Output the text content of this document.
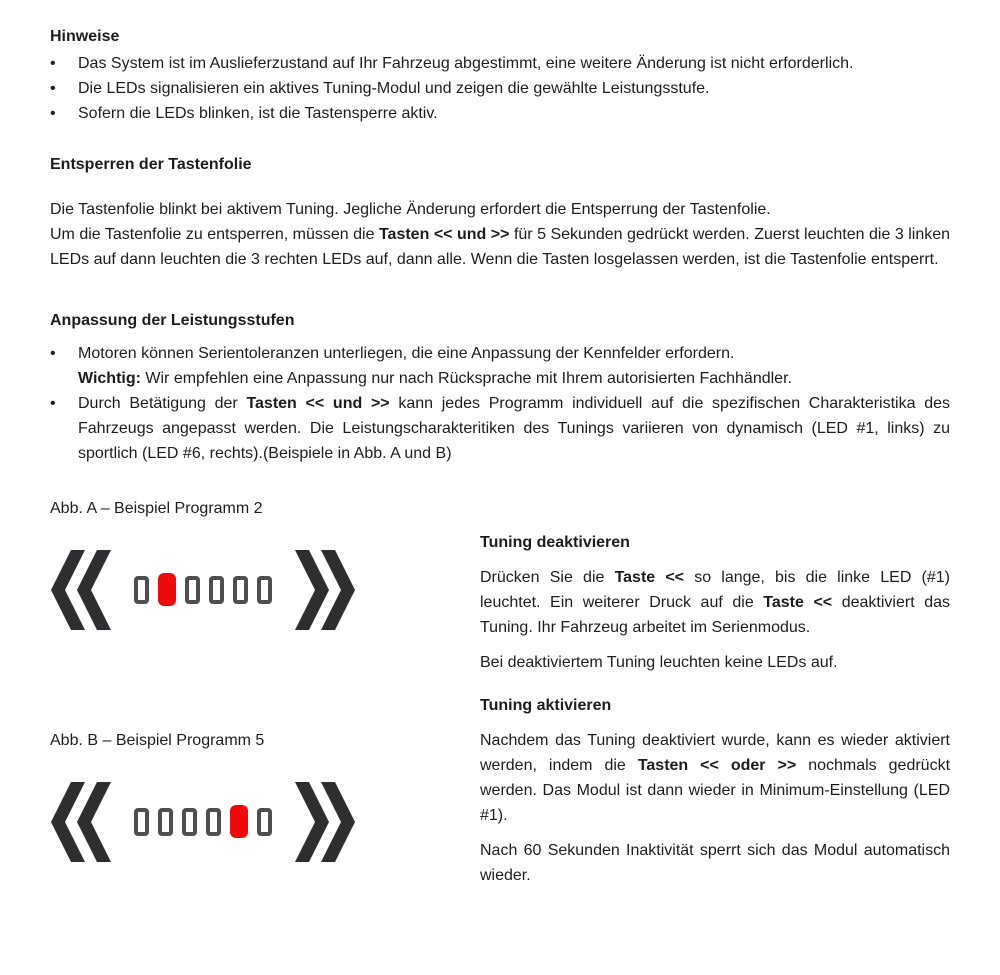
Hinweise
•	Das System ist im Auslieferzustand auf Ihr Fahrzeug abgestimmt, eine weitere Änderung ist nicht erforderlich.
•	Die LEDs signalisieren ein aktives Tuning-Modul und zeigen die gewählte Leistungsstufe.
•	Sofern die LEDs blinken, ist die Tastensperre aktiv.
Entsperren der Tastenfolie
Die Tastenfolie blinkt bei aktivem Tuning. Jegliche Änderung erfordert die Entsperrung der Tastenfolie.
Um die Tastenfolie zu entsperren, müssen die Tasten << und >> für 5 Sekunden gedrückt werden. Zuerst leuchten die 3 linken LEDs auf dann leuchten die 3 rechten LEDs auf, dann alle. Wenn die Tasten losgelassen werden, ist die Tastenfolie entsperrt.
Anpassung der Leistungsstufen
•	Motoren können Serientoleranzen unterliegen, die eine Anpassung der Kennfelder erfordern.
Wichtig: Wir empfehlen eine Anpassung nur nach Rücksprache mit Ihrem autorisierten Fachhändler.
•	Durch Betätigung der Tasten << und >> kann jedes Programm individuell auf die spezifischen Charakteristika des Fahrzeugs angepasst werden. Die Leistungscharakteritiken des Tunings variieren von dynamisch (LED #1, links) zu sportlich (LED #6, rechts).(Beispiele in Abb. A und B)
Abb. A – Beispiel Programm 2
Abb. B – Beispiel Programm 5
Tuning deaktivieren
Drücken Sie die Taste << so lange, bis die linke LED (#1) leuchtet. Ein weiterer Druck auf die Taste << deaktiviert das Tuning. Ihr Fahrzeug arbeitet im Serienmodus.
Bei deaktiviertem Tuning leuchten keine LEDs auf.
Tuning aktivieren
Nachdem das Tuning deaktiviert wurde, kann es wieder aktiviert werden, indem die Tasten << oder >> nochmals gedrückt werden. Das Modul ist dann wieder in Minimum-Einstellung (LED #1).
Nach 60 Sekunden Inaktivität sperrt sich das Modul automatisch wieder.
